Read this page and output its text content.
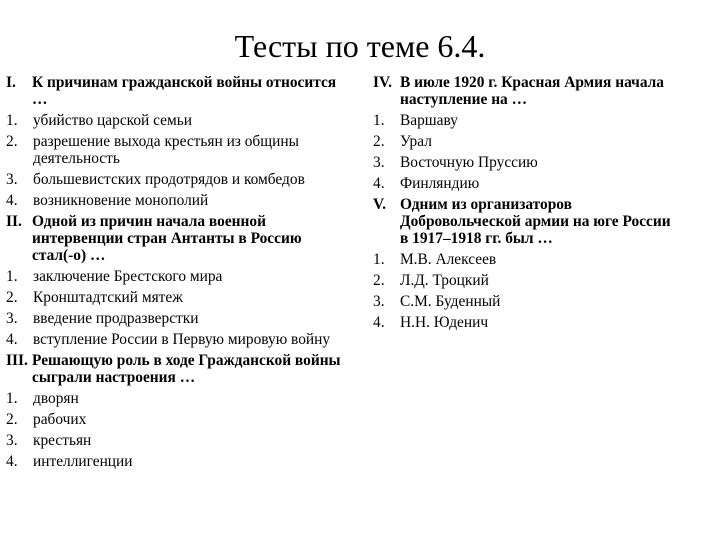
Тесты по теме 6.4.
I.	К причинам гражданской войны относится …
1.	убийство царской семьи
2.	разрешение выхода крестьян из общины деятельность
3.	большевистских продотрядов и комбедов
4.	возникновение монополий
II. Одной из причин начала военной интервенции стран Антанты в Россию стал(-о) …
1.	заключение Брестского мира
2.	Кронштадтский мятеж
3.	введение продразверстки
4.	вступление России в Первую мировую войну
III. Решающую роль в ходе Гражданской войны сыграли настроения …
1.	дворян
2.	рабочих
3.	крестьян
4.	интеллигенции
IV. В июле 1920 г. Красная Армия начала наступление на …
1.	Варшаву
2.	Урал
3.	Восточную Пруссию
4.	Финляндию
V. Одним из организаторов Добровольческой армии на юге России в 1917–1918 гг. был …
1.	М.В. Алексеев
2.	Л.Д. Троцкий
3.	С.М. Буденный
4.	Н.Н. Юденич
